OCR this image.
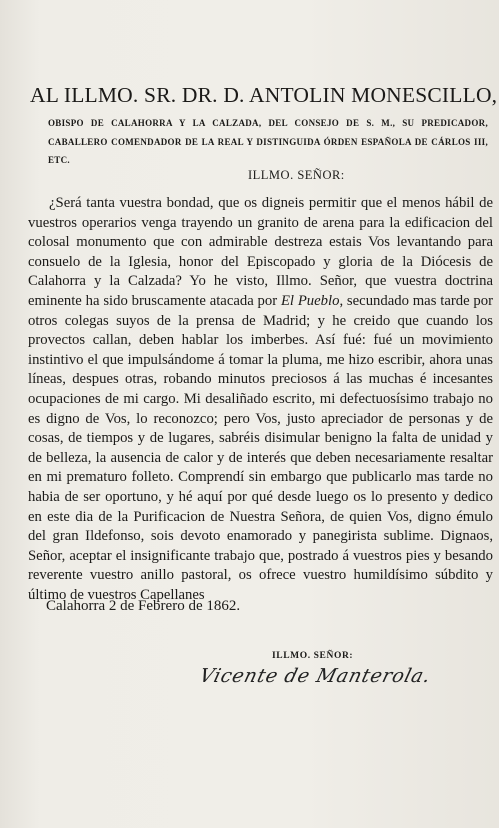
AL ILLMO. SR. DR. D. ANTOLIN MONESCILLO,
OBISPO DE CALAHORRA Y LA CALZADA, DEL CONSEJO DE S. M., SU PREDICADOR, CABALLERO COMENDADOR DE LA REAL Y DISTINGUIDA ÓRDEN ESPAÑOLA DE CÁRLOS III, ETC.
ILLMO. SEÑOR:

¿Será tanta vuestra bondad, que os digneis permitir que el menos hábil de vuestros operarios venga trayendo un granito de arena para la edificacion del colosal monumento que con admirable destreza estais Vos levantando para consuelo de la Iglesia, honor del Episcopado y gloria de la Diócesis de Calahorra y la Calzada? Yo he visto, Illmo. Señor, que vuestra doctrina eminente ha sido bruscamente atacada por El Pueblo, secundado mas tarde por otros colegas suyos de la prensa de Madrid; y he creido que cuando los provectos callan, deben hablar los imberbes. Así fué: fué un movimiento instintivo el que impulsándome á tomar la pluma, me hizo escribir, ahora unas líneas, despues otras, robando minutos preciosos á las muchas é incesantes ocupaciones de mi cargo. Mi desaliñado escrito, mi defectuosísimo trabajo no es digno de Vos, lo reconozco; pero Vos, justo apreciador de personas y de cosas, de tiempos y de lugares, sabréis disimular benigno la falta de unidad y de belleza, la ausencia de calor y de interés que deben necesariamente resaltar en mi prematuro folleto. Comprendí sin embargo que publicarlo mas tarde no habia de ser oportuno, y hé aquí por qué desde luego os lo presento y dedico en este dia de la Purificacion de Nuestra Señora, de quien Vos, digno émulo del gran Ildefonso, sois devoto enamorado y panegirista sublime. Dignaos, Señor, aceptar el insignificante trabajo que, postrado á vuestros pies y besando reverente vuestro anillo pastoral, os ofrece vuestro humildísimo súbdito y último de vuestros Capellanes

Calahorra 2 de Febrero de 1862.
ILLMO. SEÑOR:
Vicente de Manterola.
